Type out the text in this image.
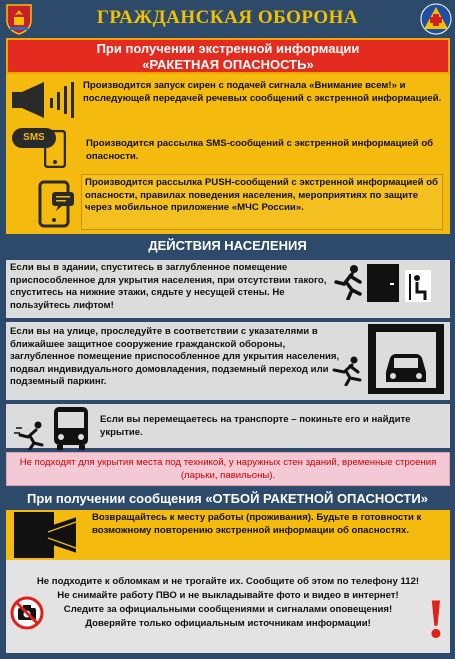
ГРАЖДАНСКАЯ ОБОРОНА
При получении экстренной информации
«РАКЕТНАЯ ОПАСНОСТЬ»
Производится запуск сирен с подачей сигнала «Внимание всем!» и последующей передачей речевых сообщений с экстренной информацией.
SMS
Производится рассылка SMS-сообщений с экстренной информацией об опасности.
Производится рассылка PUSH-сообщений с экстренной информацией об опасности, правилах поведения населения, мероприятиях по защите через мобильное приложение «МЧС России».
ДЕЙСТВИЯ НАСЕЛЕНИЯ
Если вы в здании, спуститесь в заглубленное помещение приспособленное для укрытия населения, при отсутствии такого, спуститесь на нижние этажи, сядьте у несущей стены. Не пользуйтесь лифтом!
Если вы на улице, проследуйте в соответствии с указателями в ближайшее защитное сооружение гражданской обороны, заглубленное помещение приспособленное для укрытия населения, подвал индивидуального домовладения, подземный переход или подземный паркинг.
Если вы перемещаетесь на транспорте – покиньте его и найдите укрытие.
Не подходят для укрытия места под техникой, у наружных стен зданий, временные строения (ларьки, павильоны).
При получении сообщения «ОТБОЙ РАКЕТНОЙ ОПАСНОСТИ»
Возвращайтесь к месту работы (проживания). Будьте в готовности к возможному повторению экстренной информации об опасностях.
Не подходите к обломкам и не трогайте их. Сообщите об этом по телефону 112!
Не снимайте работу ПВО и не выкладывайте фото и видео в интернет!
Следите за официальными сообщениями и сигналами оповещения!
Доверяйте только официальным источникам информации! !
